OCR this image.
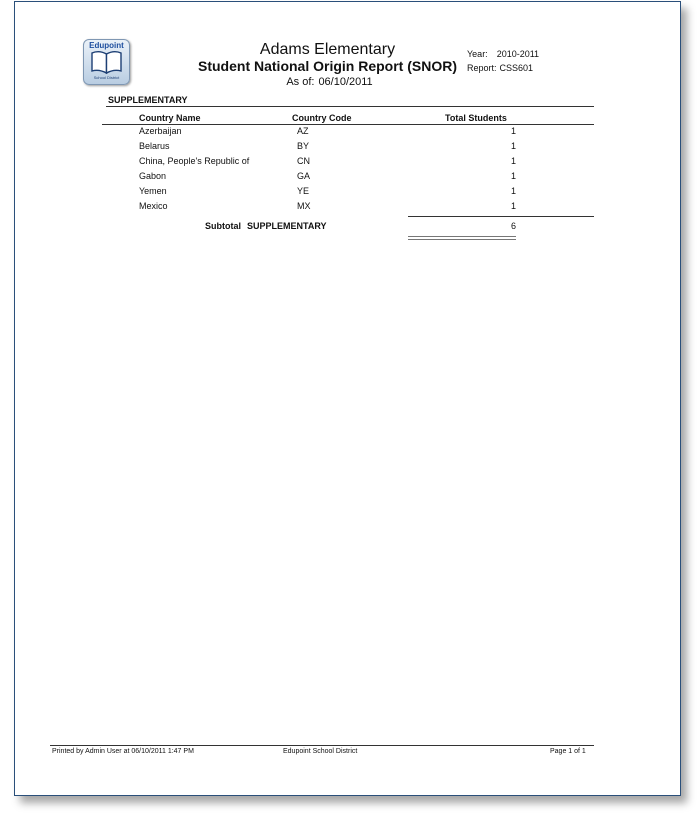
Edupoint
School District
Adams Elementary
Student National Origin Report (SNOR)
As of: 06/10/2011
Year: 2010-2011
Report: CSS601
SUPPLEMENTARY
Country Name	Country Code	Total Students
Azerbaijan	AZ	1
Belarus	BY	1
China, People's Republic of	CN	1
Gabon	GA	1
Yemen	YE	1
Mexico	MX	1
Subtotal SUPPLEMENTARY	6
Printed by Admin User at 06/10/2011 1:47 PM	Edupoint School District	Page 1 of 1
